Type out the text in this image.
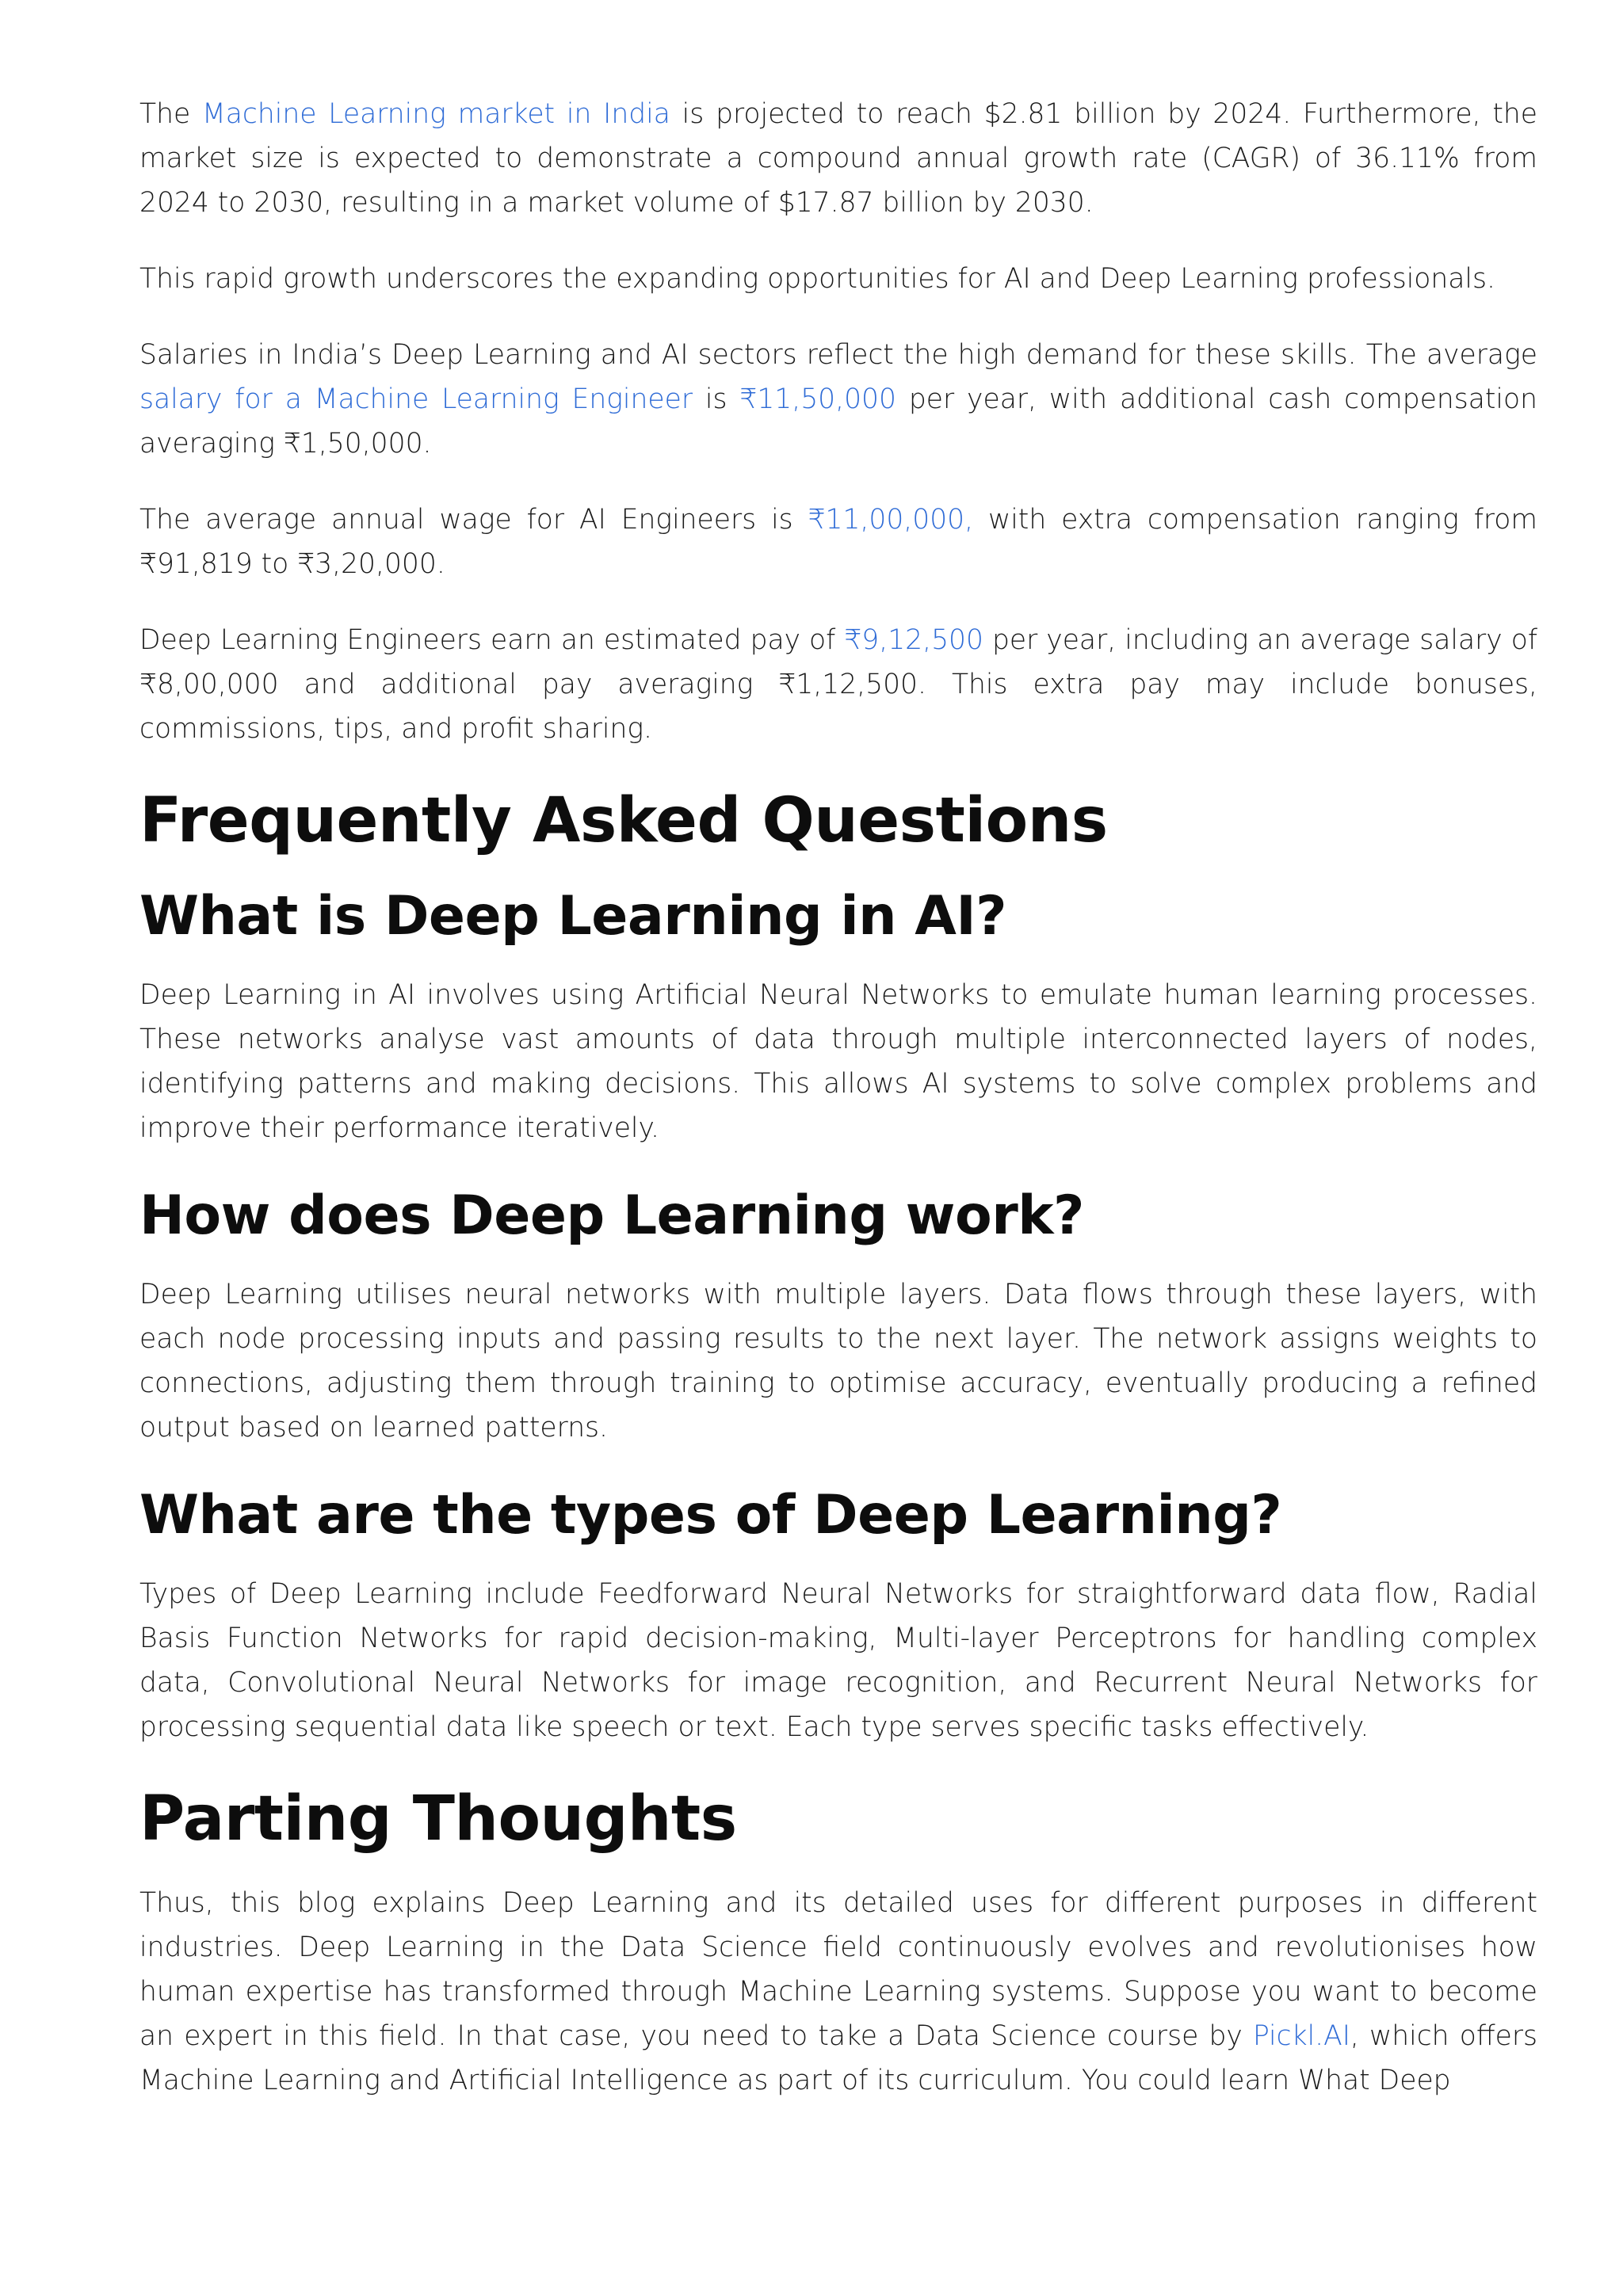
The Machine Learning market in India is projected to reach $2.81 billion by 2024. Furthermore, the market size is expected to demonstrate a compound annual growth rate (CAGR) of 36.11% from 2024 to 2030, resulting in a market volume of $17.87 billion by 2030.

This rapid growth underscores the expanding opportunities for AI and Deep Learning professionals.

Salaries in India’s Deep Learning and AI sectors reflect the high demand for these skills. The average salary for a Machine Learning Engineer is ₹11,50,000 per year, with additional cash compensation averaging ₹1,50,000.

The average annual wage for AI Engineers is ₹11,00,000, with extra compensation ranging from ₹91,819 to ₹3,20,000.

Deep Learning Engineers earn an estimated pay of ₹9,12,500 per year, including an average salary of ₹8,00,000 and additional pay averaging ₹1,12,500. This extra pay may include bonuses, commissions, tips, and profit sharing.

Frequently Asked Questions
What is Deep Learning in AI?

Deep Learning in AI involves using Artificial Neural Networks to emulate human learning processes. These networks analyse vast amounts of data through multiple interconnected layers of nodes, identifying patterns and making decisions. This allows AI systems to solve complex problems and improve their performance iteratively.

How does Deep Learning work?

Deep Learning utilises neural networks with multiple layers. Data flows through these layers, with each node processing inputs and passing results to the next layer. The network assigns weights to connections, adjusting them through training to optimise accuracy, eventually producing a refined output based on learned patterns.

What are the types of Deep Learning?

Types of Deep Learning include Feedforward Neural Networks for straightforward data flow, Radial Basis Function Networks for rapid decision-making, Multi-layer Perceptrons for handling complex data, Convolutional Neural Networks for image recognition, and Recurrent Neural Networks for processing sequential data like speech or text. Each type serves specific tasks effectively.

Parting Thoughts

Thus, this blog explains Deep Learning and its detailed uses for different purposes in different industries. Deep Learning in the Data Science field continuously evolves and revolutionises how human expertise has transformed through Machine Learning systems. Suppose you want to become an expert in this field. In that case, you need to take a Data Science course by Pickl.AI, which offers Machine Learning and Artificial Intelligence as part of its curriculum. You could learn What Deep
